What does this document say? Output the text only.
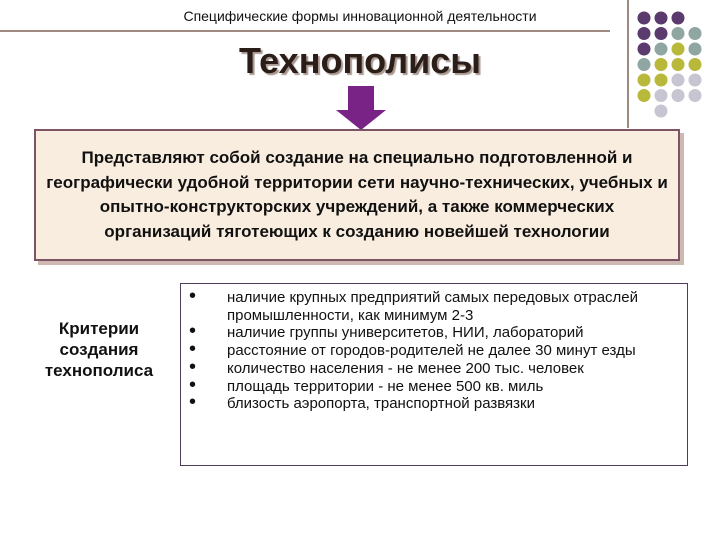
Специфические формы инновационной деятельности
Технополисы
Представляют собой создание на специально подготовленной и географически удобной территории сети научно-технических, учебных и опытно-конструкторских учреждений, а также коммерческих организаций тяготеющих к созданию новейшей технологии
Критерии создания технополиса
• наличие крупных предприятий самых передовых отраслей промышленности, как минимум 2-3
• наличие группы университетов, НИИ, лабораторий
• расстояние от городов-родителей не далее 30 минут езды
• количество населения - не менее 200 тыс. человек
• площадь территории - не менее 500 кв. миль
• близость аэропорта, транспортной развязки
